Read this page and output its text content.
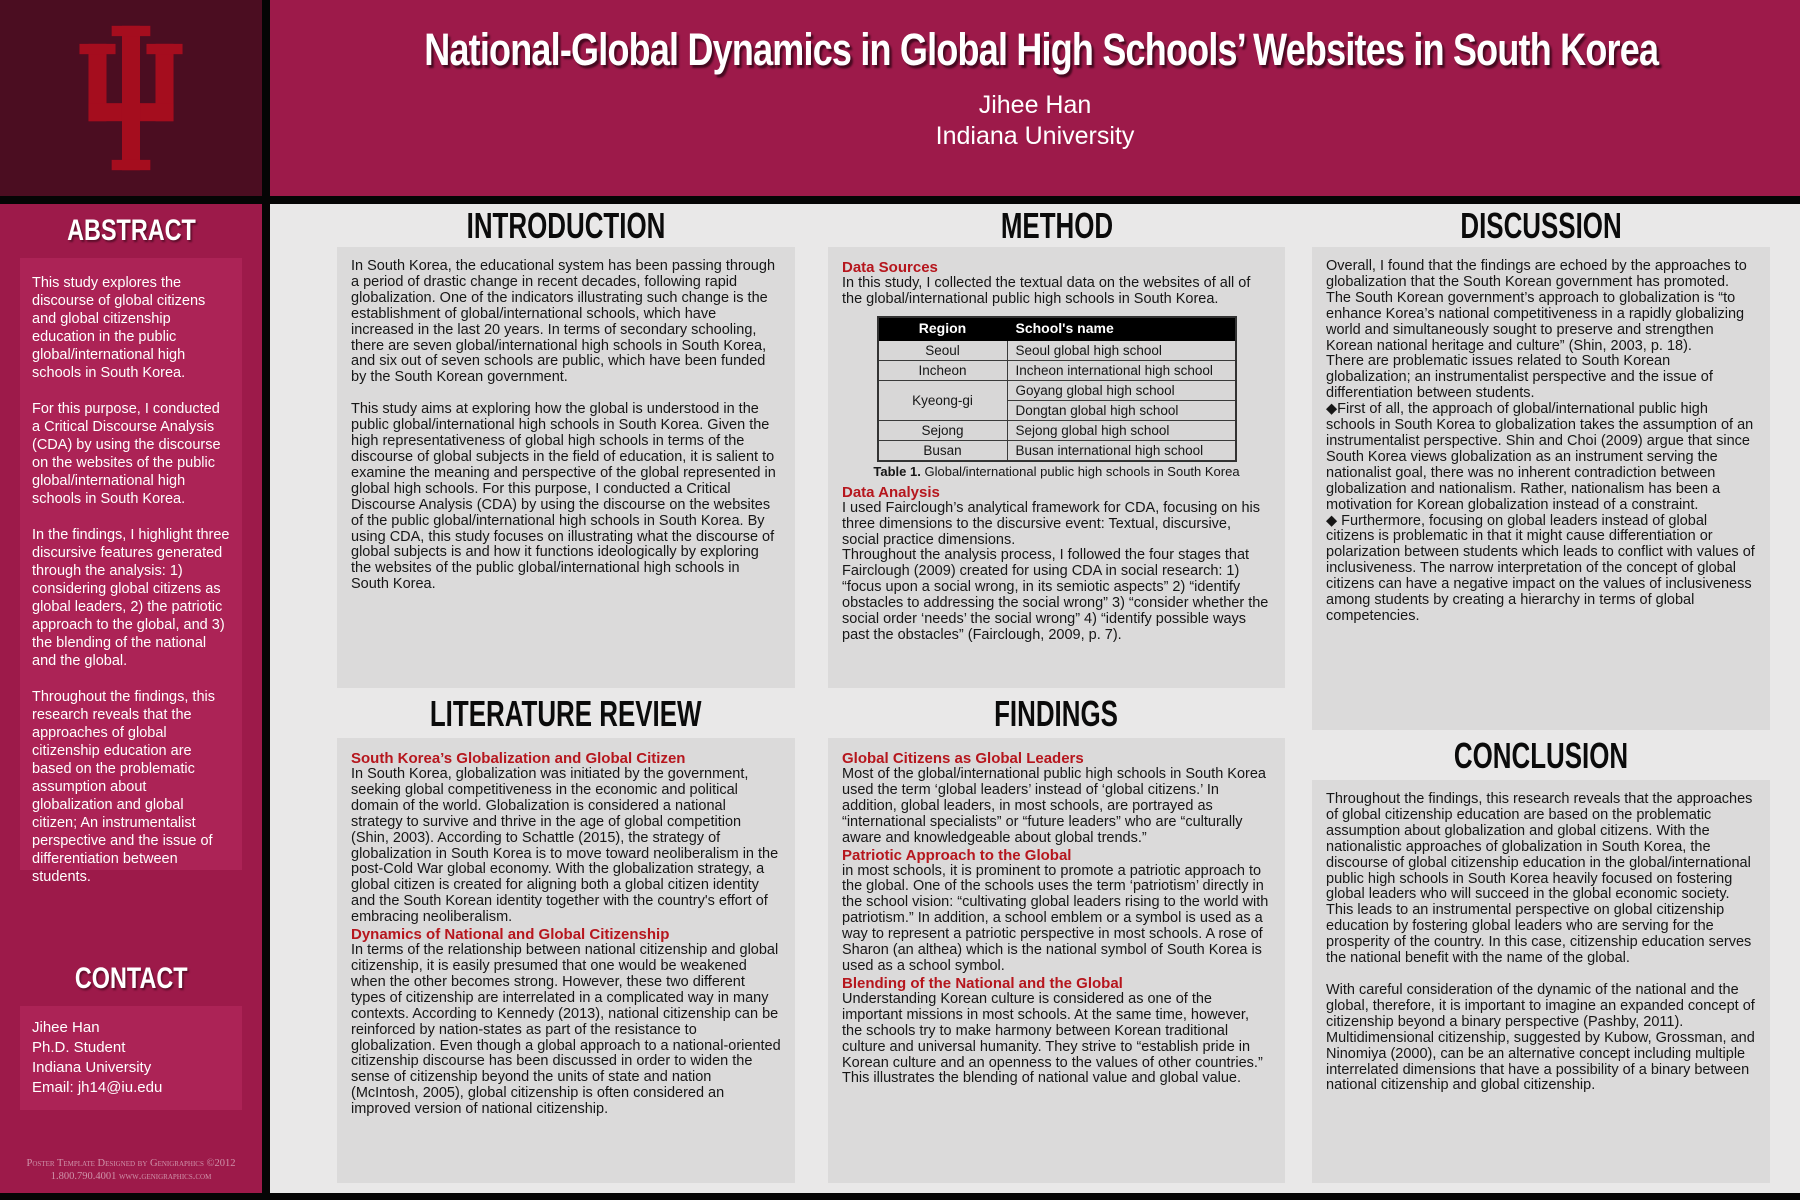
National-Global Dynamics in Global High Schools’ Websites in South Korea
Jihee Han
Indiana University
ABSTRACT

This study explores the discourse of global citizens and global citizenship education in the public global/international high schools in South Korea.

For this purpose, I conducted a Critical Discourse Analysis (CDA) by using the discourse on the websites of the public global/international high schools in South Korea.

In the findings, I highlight three discursive features generated through the analysis: 1) considering global citizens as global leaders, 2) the patriotic approach to the global, and 3) the blending of the national and the global.

Throughout the findings, this research reveals that the approaches of global citizenship education are based on the problematic assumption about globalization and global citizen; An instrumentalist perspective and the issue of differentiation between students.

CONTACT
Jihee Han
Ph.D. Student
Indiana University
Email: jh14@iu.edu
Poster Template Designed by Genigraphics ©2012
1.800.790.4001 www.genigraphics.com
INTRODUCTION

In South Korea, the educational system has been passing through a period of drastic change in recent decades, following rapid globalization. One of the indicators illustrating such change is the establishment of global/international schools, which have increased in the last 20 years. In terms of secondary schooling, there are seven global/international high schools in South Korea, and six out of seven schools are public, which have been funded by the South Korean government.

This study aims at exploring how the global is understood in the public global/international high schools in South Korea. Given the high representativeness of global high schools in terms of the discourse of global subjects in the field of education, it is salient to examine the meaning and perspective of the global represented in global high schools. For this purpose, I conducted a Critical Discourse Analysis (CDA) by using the discourse on the websites of the public global/international high schools in South Korea. By using CDA, this study focuses on illustrating what the discourse of global subjects is and how it functions ideologically by exploring the websites of the public global/international high schools in South Korea.

LITERATURE REVIEW
South Korea’s Globalization and Global Citizen

In South Korea, globalization was initiated by the government, seeking global competitiveness in the economic and political domain of the world. Globalization is considered a national strategy to survive and thrive in the age of global competition (Shin, 2003). According to Schattle (2015), the strategy of globalization in South Korea is to move toward neoliberalism in the post-Cold War global economy. With the globalization strategy, a global citizen is created for aligning both a global citizen identity and the South Korean identity together with the country's effort of embracing neoliberalism.

Dynamics of National and Global Citizenship

In terms of the relationship between national citizenship and global citizenship, it is easily presumed that one would be weakened when the other becomes strong. However, these two different types of citizenship are interrelated in a complicated way in many contexts. According to Kennedy (2013), national citizenship can be reinforced by nation-states as part of the resistance to globalization. Even though a global approach to a national-oriented citizenship discourse has been discussed in order to widen the sense of citizenship beyond the units of state and nation (McIntosh, 2005), global citizenship is often considered an improved version of national citizenship.

METHOD
Data Sources

In this study, I collected the textual data on the websites of all of the global/international public high schools in South Korea.

Region	School's name
Seoul	Seoul global high school
Incheon	Incheon international high school
Kyeong-gi	Goyang global high school
	Dongtan global high school
Sejong	Sejong global high school
Busan	Busan international high school
Table 1. Global/international public high schools in South Korea
Data Analysis

I used Fairclough’s analytical framework for CDA, focusing on his three dimensions to the discursive event: Textual, discursive, social practice dimensions.

Throughout the analysis process, I followed the four stages that Fairclough (2009) created for using CDA in social research: 1) “focus upon a social wrong, in its semiotic aspects” 2) “identify obstacles to addressing the social wrong” 3) “consider whether the social order ‘needs’ the social wrong” 4) “identify possible ways past the obstacles” (Fairclough, 2009, p. 7).

FINDINGS
Global Citizens as Global Leaders

Most of the global/international public high schools in South Korea used the term ‘global leaders’ instead of ‘global citizens.’ In addition, global leaders, in most schools, are portrayed as “international specialists” or “future leaders” who are “culturally aware and knowledgeable about global trends.”

Patriotic Approach to the Global

in most schools, it is prominent to promote a patriotic approach to the global. One of the schools uses the term ‘patriotism’ directly in the school vision: “cultivating global leaders rising to the world with patriotism.” In addition, a school emblem or a symbol is used as a way to represent a patriotic perspective in most schools. A rose of Sharon (an althea) which is the national symbol of South Korea is used as a school symbol.

Blending of the National and the Global

Understanding Korean culture is considered as one of the important missions in most schools. At the same time, however, the schools try to make harmony between Korean traditional culture and universal humanity. They strive to “establish pride in Korean culture and an openness to the values of other countries.” This illustrates the blending of national value and global value.

DISCUSSION

Overall, I found that the findings are echoed by the approaches to globalization that the South Korean government has promoted. The South Korean government’s approach to globalization is “to enhance Korea’s national competitiveness in a rapidly globalizing world and simultaneously sought to preserve and strengthen Korean national heritage and culture” (Shin, 2003, p. 18).

There are problematic issues related to South Korean globalization; an instrumentalist perspective and the issue of differentiation between students.

◆First of all, the approach of global/international public high schools in South Korea to globalization takes the assumption of an instrumentalist perspective. Shin and Choi (2009) argue that since South Korea views globalization as an instrument serving the nationalist goal, there was no inherent contradiction between globalization and nationalism. Rather, nationalism has been a motivation for Korean globalization instead of a constraint.

◆ Furthermore, focusing on global leaders instead of global citizens is problematic in that it might cause differentiation or polarization between students which leads to conflict with values of inclusiveness. The narrow interpretation of the concept of global citizens can have a negative impact on the values of inclusiveness among students by creating a hierarchy in terms of global competencies.

CONCLUSION

Throughout the findings, this research reveals that the approaches of global citizenship education are based on the problematic assumption about globalization and global citizens. With the nationalistic approaches of globalization in South Korea, the discourse of global citizenship education in the global/international public high schools in South Korea heavily focused on fostering global leaders who will succeed in the global economic society. This leads to an instrumental perspective on global citizenship education by fostering global leaders who are serving for the prosperity of the country. In this case, citizenship education serves the national benefit with the name of the global.

With careful consideration of the dynamic of the national and the global, therefore, it is important to imagine an expanded concept of citizenship beyond a binary perspective (Pashby, 2011). Multidimensional citizenship, suggested by Kubow, Grossman, and Ninomiya (2000), can be an alternative concept including multiple interrelated dimensions that have a possibility of a binary between national citizenship and global citizenship.
